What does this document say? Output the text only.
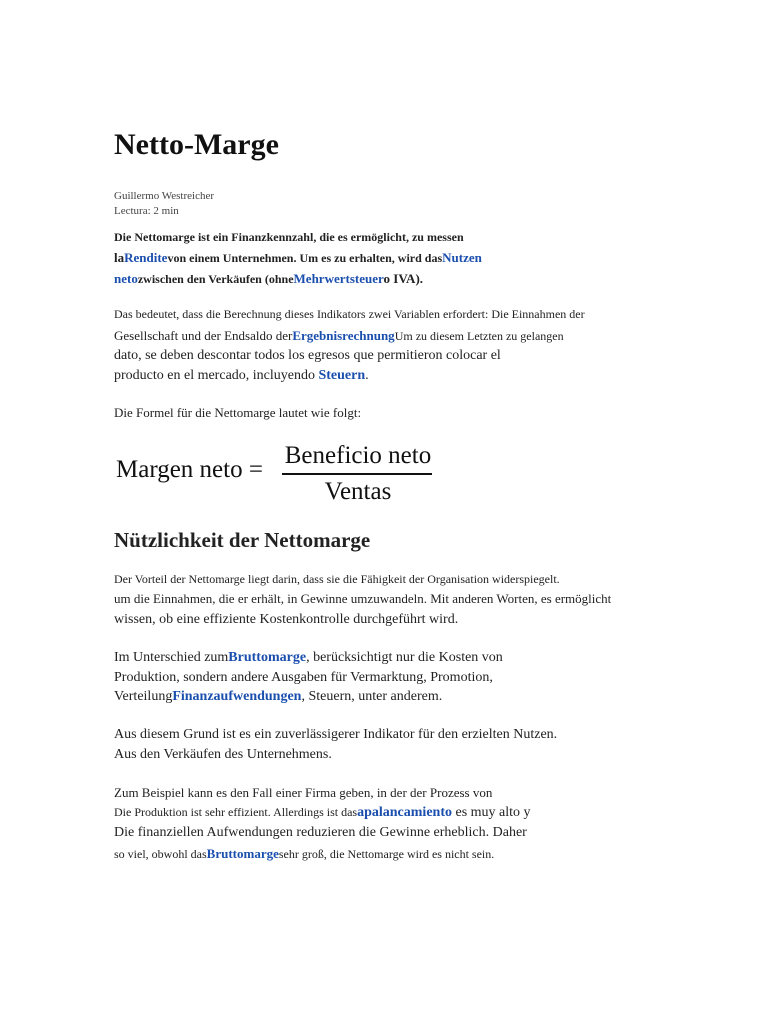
Netto-Marge
Guillermo Westreicher
Lectura: 2 min
Die Nettomarge ist ein Finanzkennzahl, die es ermöglicht, zu messen
laRenditevon einem Unternehmen. Um es zu erhalten, wird dasNutzen
netozwischen den Verkäufen (ohneMehrwertsteuero IVA).
Das bedeutet, dass die Berechnung dieses Indikators zwei Variablen erfordert: Die Einnahmen der
Gesellschaft und der Endsaldo derErgebnisrechnungUm zu diesem Letzten zu gelangen
dato, se deben descontar todos los egresos que permitieron colocar el
producto en el mercado, incluyendo Steuern.
Die Formel für die Nettomarge lautet wie folgt:
Margen neto =
Beneficio neto
Ventas
Nützlichkeit der Nettomarge
Der Vorteil der Nettomarge liegt darin, dass sie die Fähigkeit der Organisation widerspiegelt.
um die Einnahmen, die er erhält, in Gewinne umzuwandeln. Mit anderen Worten, es ermöglicht
wissen, ob eine effiziente Kostenkontrolle durchgeführt wird.
Im Unterschied zumBruttomarge, berücksichtigt nur die Kosten von
Produktion, sondern andere Ausgaben für Vermarktung, Promotion,
VerteilungFinanzaufwendungen, Steuern, unter anderem.
Aus diesem Grund ist es ein zuverlässigerer Indikator für den erzielten Nutzen.
Aus den Verkäufen des Unternehmens.
Zum Beispiel kann es den Fall einer Firma geben, in der der Prozess von
Die Produktion ist sehr effizient. Allerdings ist dasapalancamiento es muy alto y
Die finanziellen Aufwendungen reduzieren die Gewinne erheblich. Daher
so viel, obwohl dasBruttomargesehr groß, die Nettomarge wird es nicht sein.
